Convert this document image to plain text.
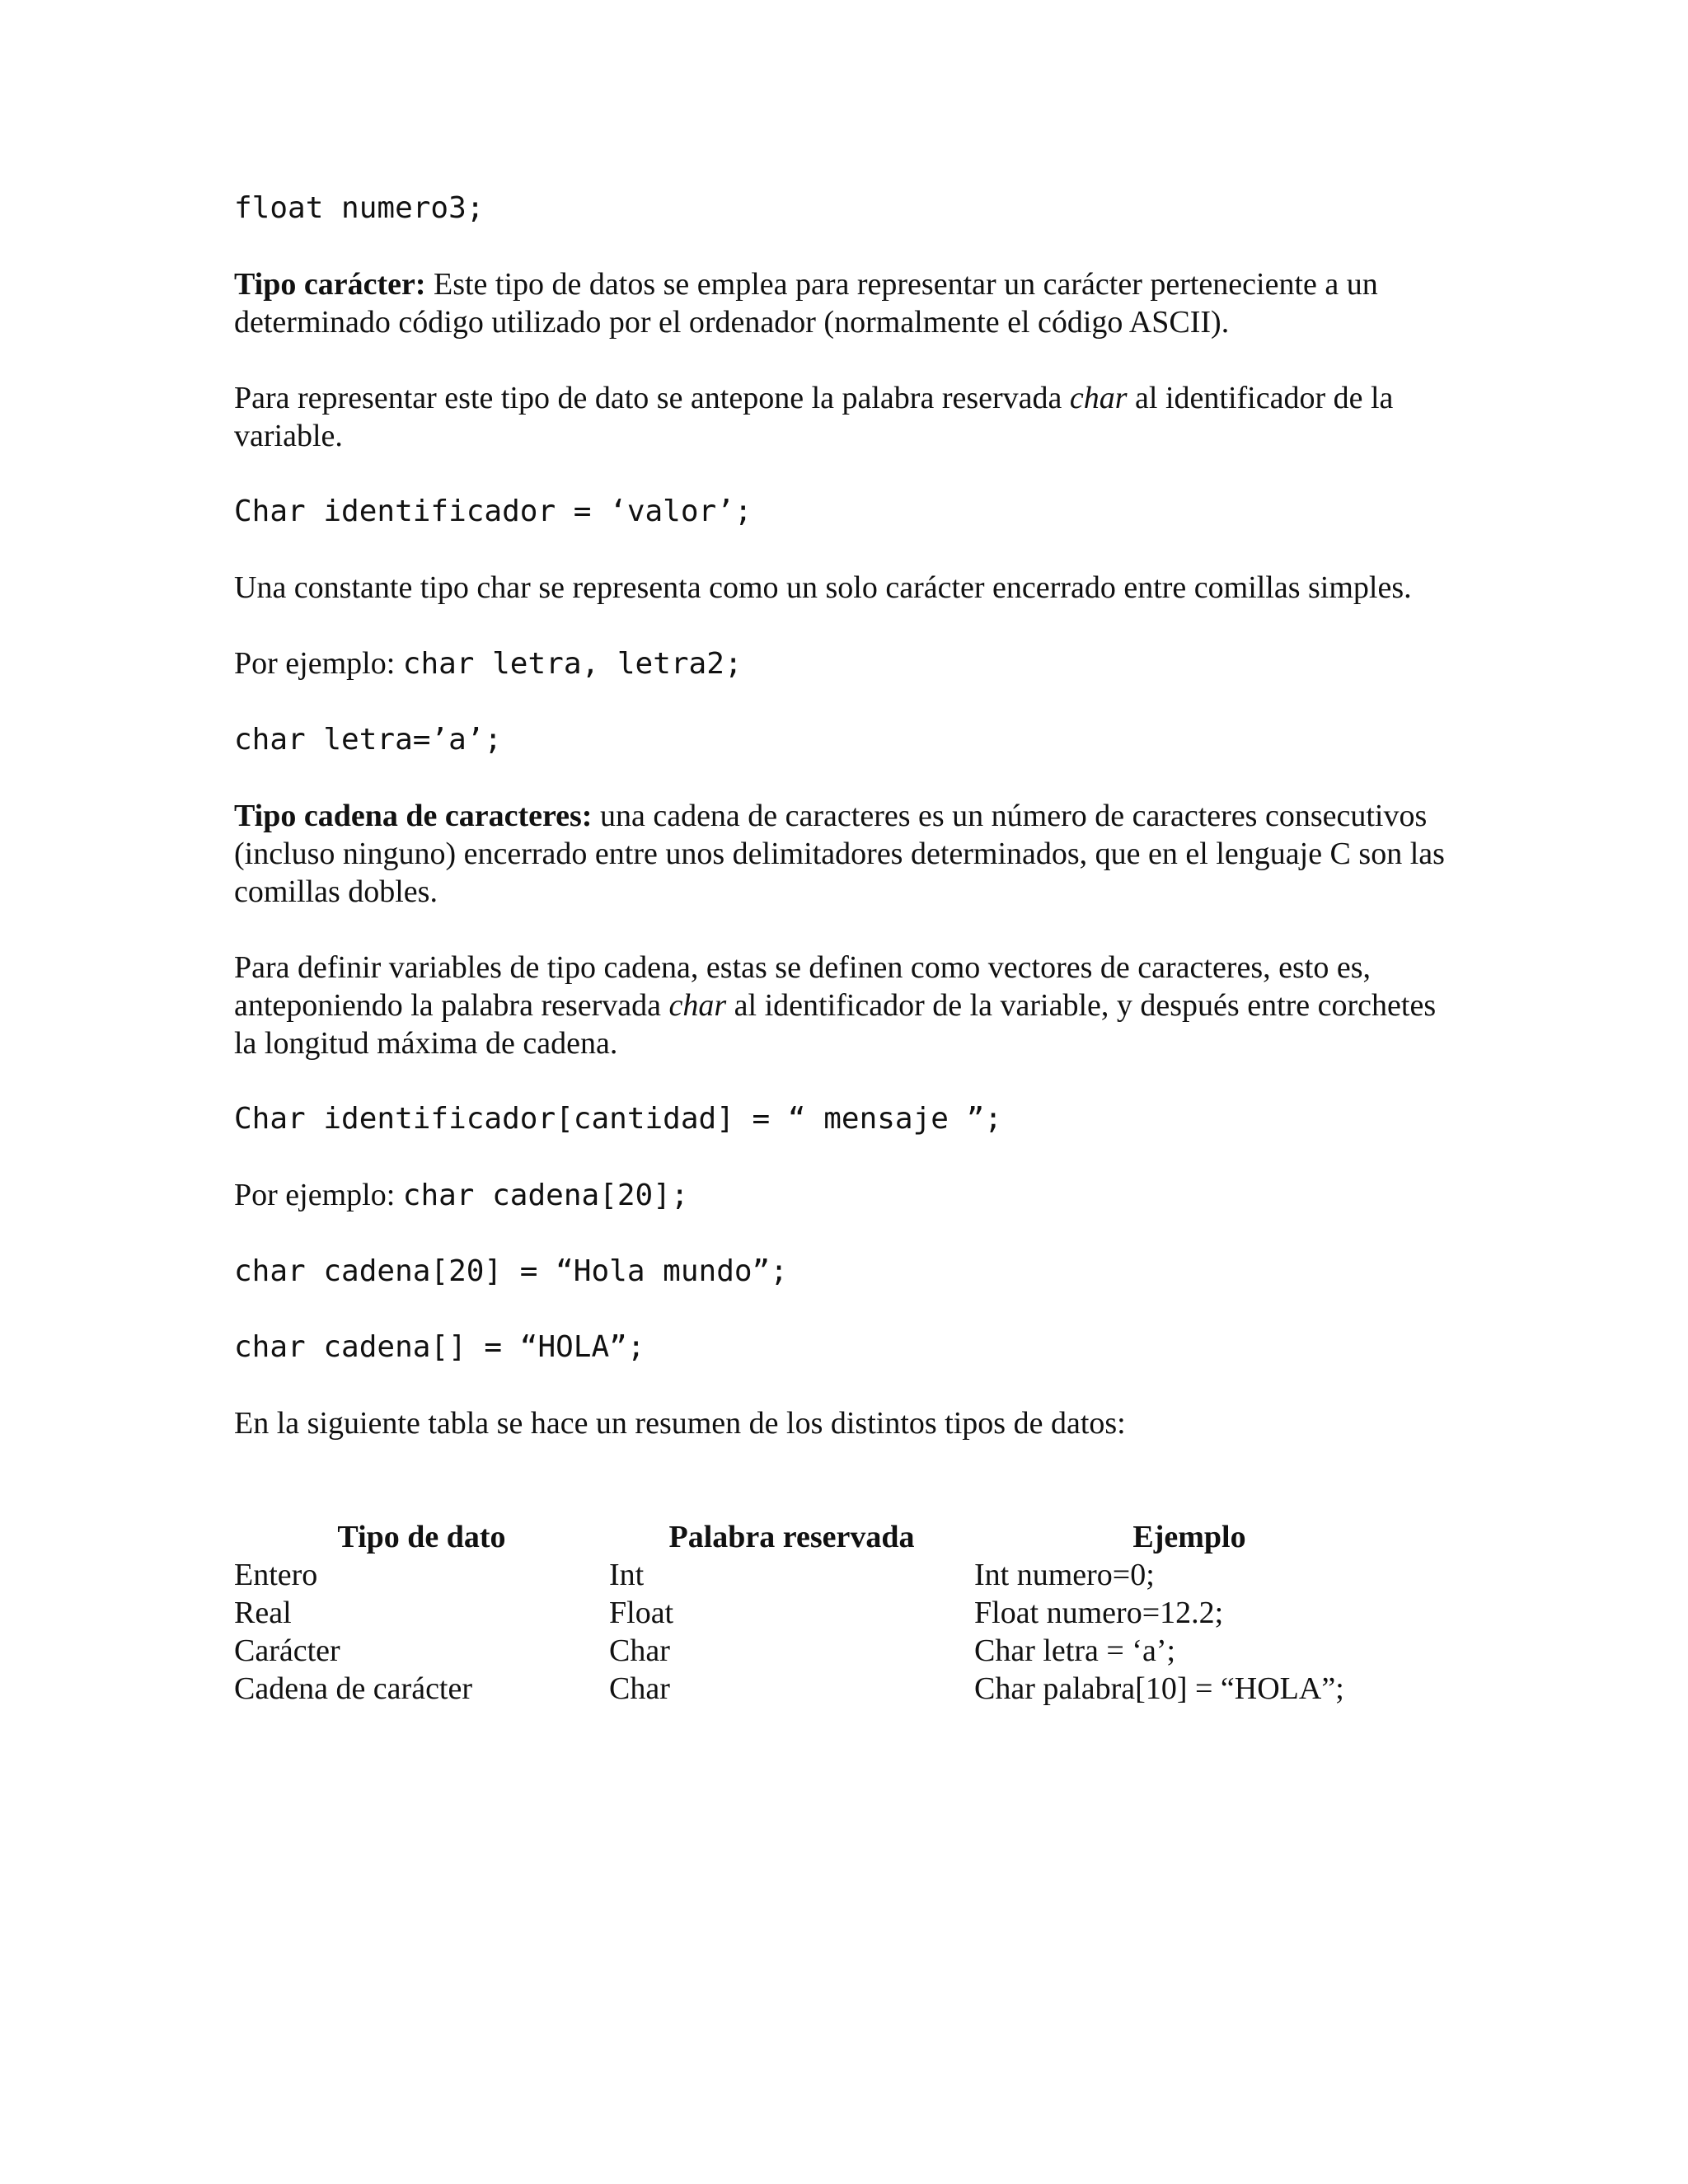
float numero3;

Tipo carácter: Este tipo de datos se emplea para representar un carácter perteneciente a un determinado código utilizado por el ordenador (normalmente el código ASCII).

Para representar este tipo de dato se antepone la palabra reservada char al identificador de la variable.

Char identificador = ‘valor’;

Una constante tipo char se representa como un solo carácter encerrado entre comillas simples.

Por ejemplo: char letra, letra2;

char letra=’a’;

Tipo cadena de caracteres: una cadena de caracteres es un número de caracteres consecutivos (incluso ninguno) encerrado entre unos delimitadores determinados, que en el lenguaje C son las comillas dobles.

Para definir variables de tipo cadena, estas se definen como vectores de caracteres, esto es, anteponiendo la palabra reservada char al identificador de la variable, y después entre corchetes la longitud máxima de cadena.

Char identificador[cantidad] = “ mensaje ”;

Por ejemplo: char cadena[20];

char cadena[20] = “Hola mundo”;
char cadena[] = “HOLA”;

En la siguiente tabla se hace un resumen de los distintos tipos de datos:

Tipo de dato	Palabra reservada	Ejemplo
Entero	Int	Int numero=0;
Real	Float	Float numero=12.2;
Carácter	Char	Char letra = ‘a’;
Cadena de carácter	Char	Char palabra[10] = “HOLA”;
